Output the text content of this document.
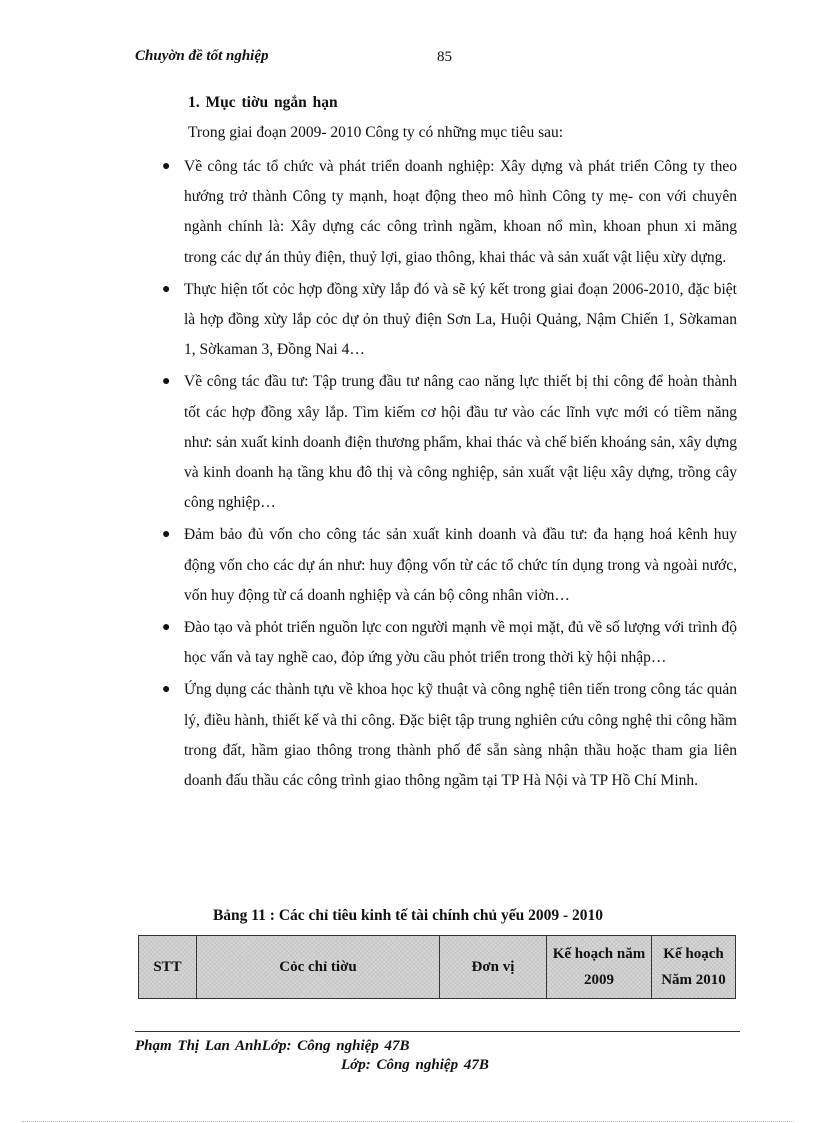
Chuyờn đề tốt nghiệp	85
1. Mục tiờu ngắn hạn
Trong giai đoạn 2009- 2010 Công ty có những mục tiêu sau:
● Về công tác tổ chức và phát triển doanh nghiệp: Xây dựng và phát triển Công ty theo hướng trở thành Công ty mạnh, hoạt động theo mô hình Công ty mẹ- con với chuyên ngành chính là: Xây dựng các công trình ngầm, khoan nổ mìn, khoan phun xi măng trong các dự án thủy điện, thuỷ lợi, giao thông, khai thác và sản xuất vật liệu xừy dựng.
● Thực hiện tốt cỏc hợp đồng xừy lắp đó và sẽ ký kết trong giai đoạn 2006-2010, đặc biệt là hợp đồng xừy lắp cỏc dự ỏn thuỷ điện Sơn La, Huội Quảng, Nậm Chiến 1, Sờkaman 1, Sờkaman 3, Đồng Nai 4…
● Về công tác đầu tư: Tập trung đầu tư nâng cao năng lực thiết bị thi công để hoàn thành tốt các hợp đồng xây lắp. Tìm kiếm cơ hội đầu tư vào các lĩnh vực mới có tiềm năng như: sản xuất kinh doanh điện thương phẩm, khai thác và chế biến khoáng sản, xây dựng và kinh doanh hạ tầng khu đô thị và công nghiệp, sản xuất vật liệu xây dựng, trồng cây công nghiệp…
● Đảm bảo đủ vốn cho công tác sản xuất kinh doanh và đầu tư: đa hạng hoá kênh huy động vốn cho các dự án như: huy động vốn từ các tổ chức tín dụng trong và ngoài nước, vốn huy động từ cá doanh nghiệp và cán bộ công nhân viờn…
● Đào tạo và phỏt triển nguồn lực con người mạnh về mọi mặt, đủ về số lượng với trình độ học vấn và tay nghề cao, đỏp ứng yờu cầu phỏt triển trong thời kỳ hội nhập…
● Ứng dụng các thành tựu về khoa học kỹ thuật và công nghệ tiên tiến trong công tác quản lý, điều hành, thiết kế và thi công. Đặc biệt tập trung nghiên cứu công nghệ thi công hầm trong đất, hầm giao thông trong thành phố để sẵn sàng nhận thầu hoặc tham gia liên doanh đấu thầu các công trình giao thông ngầm tại TP Hà Nội và TP Hồ Chí Minh.
Bảng 11 : Các chỉ tiêu kinh tế tài chính chủ yếu 2009 - 2010
STT	Cỏc chỉ tiờu	Đơn vị	Kế hoạch năm 2009	Kế hoạch Năm 2010
Phạm Thị Lan AnhLớp: Công nghiệp 47B
Lớp: Công nghiệp 47B
